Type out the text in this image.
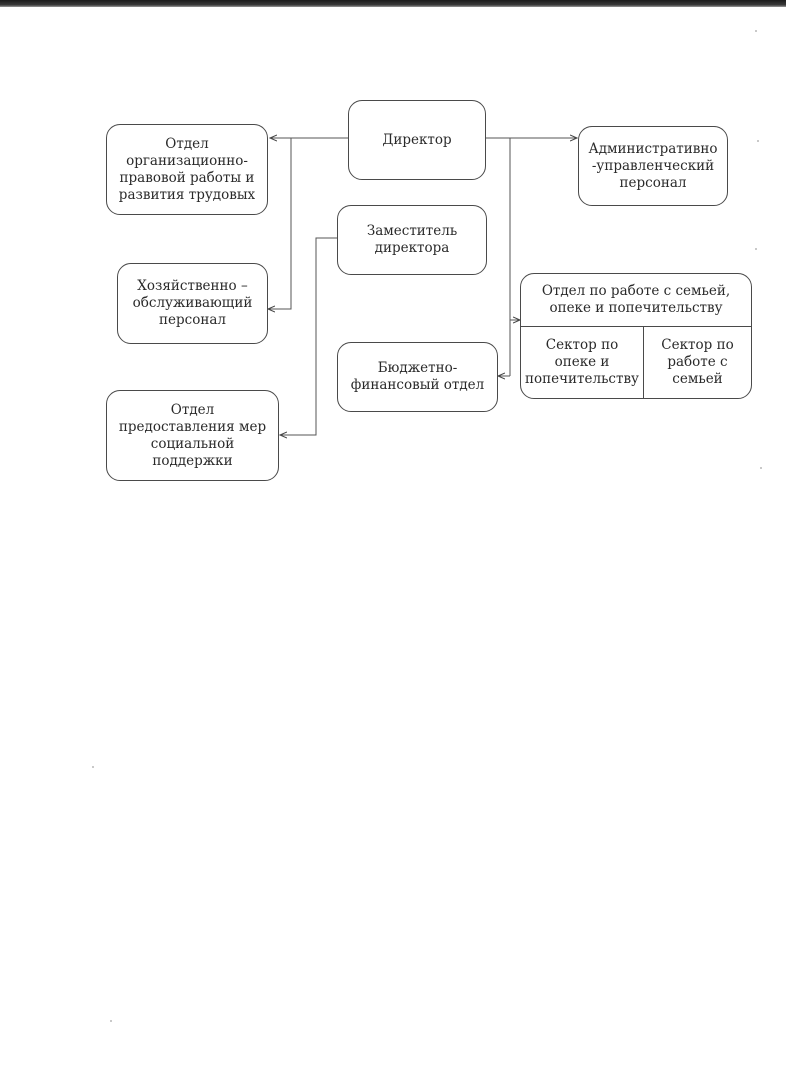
Директор
Отдел организационно-правовой работы и развития трудовых
Административно -управленческий персонал
Заместитель директора
Хозяйственно – обслуживающий персонал
Отдел по работе с семьей, опеке и попечительству
Сектор по опеке и попечительству
Сектор по работе с семьей
Бюджетно-финансовый отдел
Отдел предоставления мер социальной поддержки
